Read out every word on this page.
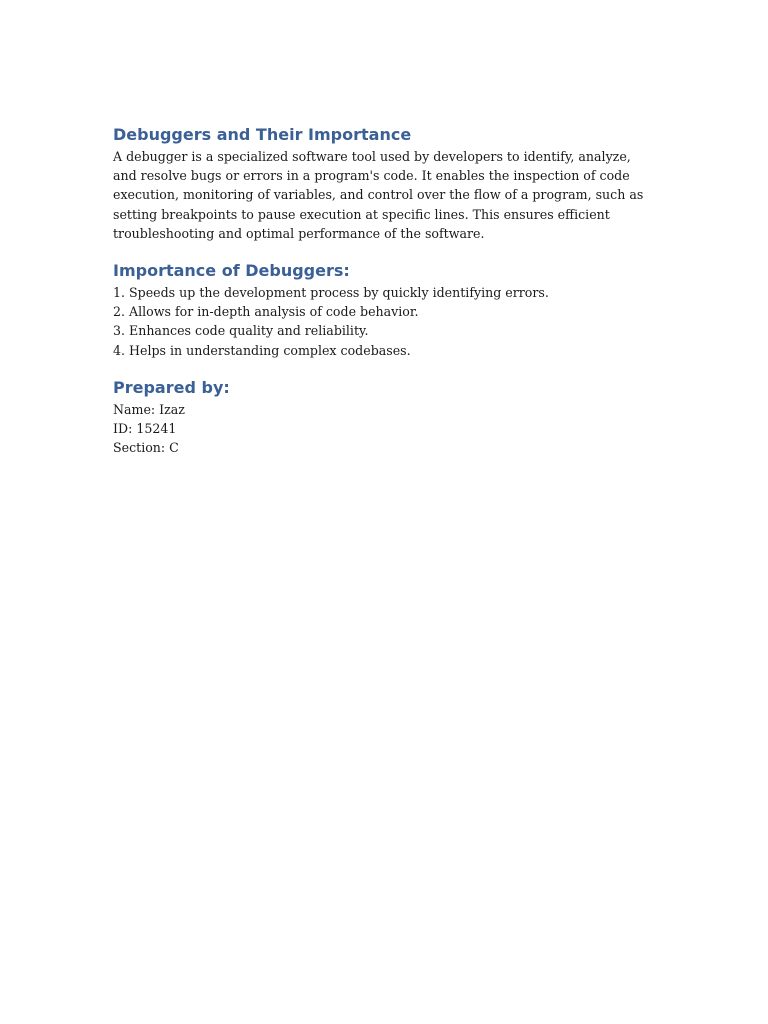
Debuggers and Their Importance

A debugger is a specialized software tool used by developers to identify, analyze, and resolve bugs or errors in a program's code. It enables the inspection of code execution, monitoring of variables, and control over the flow of a program, such as setting breakpoints to pause execution at specific lines. This ensures efficient troubleshooting and optimal performance of the software.

Importance of Debuggers:
1. Speeds up the development process by quickly identifying errors.
2. Allows for in-depth analysis of code behavior.
3. Enhances code quality and reliability.
4. Helps in understanding complex codebases.
Prepared by:
Name: Izaz
ID: 15241
Section: C
